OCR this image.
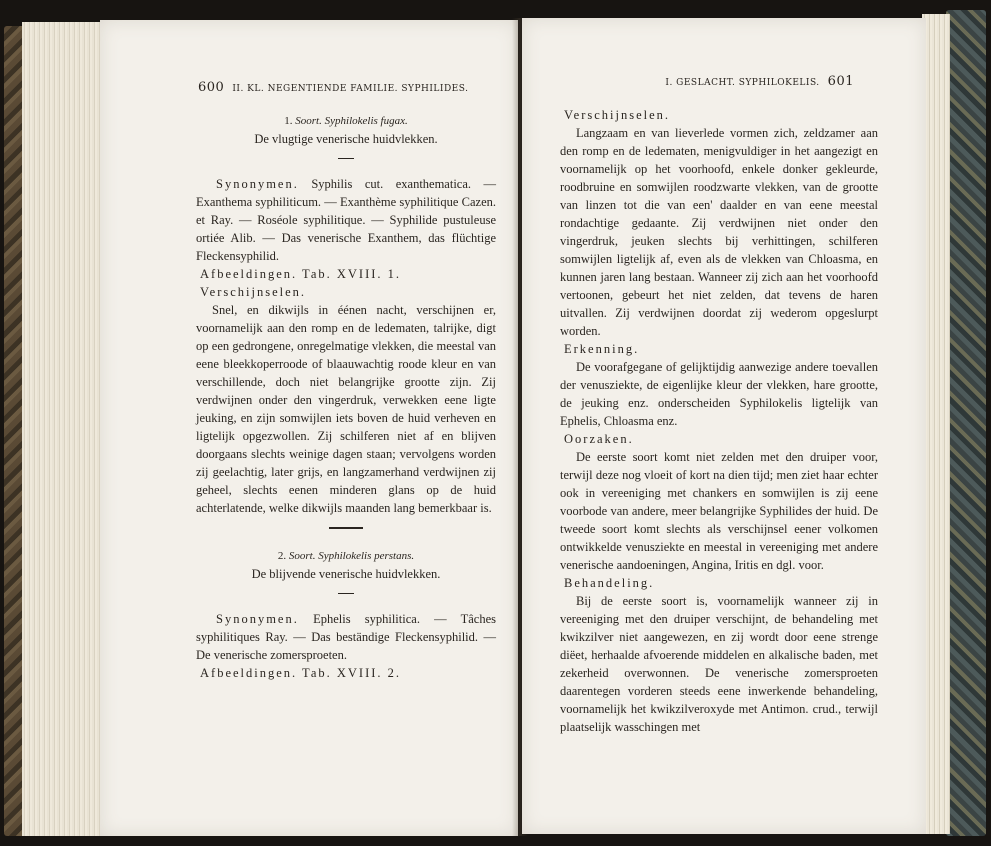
600 II. KL. NEGENTIENDE FAMILIE. SYPHILIDES.

1. Soort. Syphilokelis fugax.

De vlugtige venerische huidvlekken.

Synonymen. Syphilis cut. exanthematica. — Exanthema syphiliticum. — Exanthème syphilitique Cazen. et Ray. — Roséole syphilitique. — Syphilide pustuleuse ortiée Alib. — Das venerische Exanthem, das flüchtige Fleckensyphilid.

Afbeeldingen. Tab. XVIII. 1.

Verschijnselen.

Snel, en dikwijls in éénen nacht, verschijnen er, voornamelijk aan den romp en de ledematen, talrijke, digt op een gedrongene, onregelmatige vlekken, die meestal van eene bleekkoperroode of blaauwachtig roode kleur en van verschillende, doch niet belangrijke grootte zijn. Zij verdwijnen onder den vingerdruk, verwekken eene ligte jeuking, en zijn somwijlen iets boven de huid verheven en ligtelijk opgezwollen. Zij schilferen niet af en blijven doorgaans slechts weinige dagen staan; vervolgens worden zij geelachtig, later grijs, en langzamerhand verdwijnen zij geheel, slechts eenen minderen glans op de huid achterlatende, welke dikwijls maanden lang bemerkbaar is.

2. Soort. Syphilokelis perstans.

De blijvende venerische huidvlekken.

Synonymen. Ephelis syphilitica. — Tâches syphilitiques Ray. — Das beständige Fleckensyphilid. — De venerische zomersproeten.

Afbeeldingen. Tab. XVIII. 2.

I. GESLACHT. SYPHILOKELIS. 601

Verschijnselen.

Langzaam en van lieverlede vormen zich, zeldzamer aan den romp en de ledematen, menigvuldiger in het aangezigt en voornamelijk op het voorhoofd, enkele donker gekleurde, roodbruine en somwijlen roodzwarte vlekken, van de grootte van linzen tot die van een' daalder en van eene meestal rondachtige gedaante. Zij verdwijnen niet onder den vingerdruk, jeuken slechts bij verhittingen, schilferen somwijlen ligtelijk af, even als de vlekken van Chloasma, en kunnen jaren lang bestaan. Wanneer zij zich aan het voorhoofd vertoonen, gebeurt het niet zelden, dat tevens de haren uitvallen. Zij verdwijnen doordat zij wederom opgeslurpt worden.

Erkenning.

De voorafgegane of gelijktijdig aanwezige andere toevallen der venusziekte, de eigenlijke kleur der vlekken, hare grootte, de jeuking enz. onderscheiden Syphilokelis ligtelijk van Ephelis, Chloasma enz.

Oorzaken.

De eerste soort komt niet zelden met den druiper voor, terwijl deze nog vloeit of kort na dien tijd; men ziet haar echter ook in vereeniging met chankers en somwijlen is zij eene voorbode van andere, meer belangrijke Syphilides der huid. De tweede soort komt slechts als verschijnsel eener volkomen ontwikkelde venusziekte en meestal in vereeniging met andere venerische aandoeningen, Angina, Iritis en dgl. voor.

Behandeling.

Bij de eerste soort is, voornamelijk wanneer zij in vereeniging met den druiper verschijnt, de behandeling met kwikzilver niet aangewezen, en zij wordt door eene strenge diëet, herhaalde afvoerende middelen en alkalische baden, met zekerheid overwonnen. De venerische zomersproeten daarentegen vorderen steeds eene inwerkende behandeling, voornamelijk het kwikzilveroxyde met Antimon. crud., terwijl plaatselijk wasschingen met
